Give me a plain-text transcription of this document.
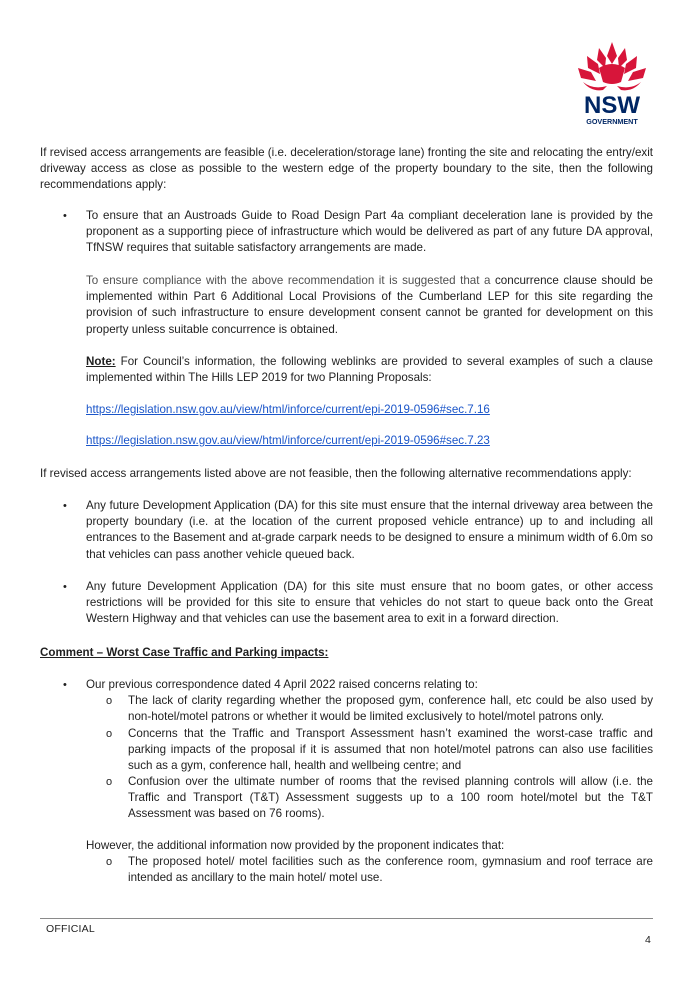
NSW
GOVERNMENT
If revised access arrangements are feasible (i.e. deceleration/storage lane) fronting the site and relocating the entry/exit driveway access as close as possible to the western edge of the property boundary to the site, then the following recommendations apply:
• To ensure that an Austroads Guide to Road Design Part 4a compliant deceleration lane is provided by the proponent as a supporting piece of infrastructure which would be delivered as part of any future DA approval, TfNSW requires that suitable satisfactory arrangements are made.
To ensure compliance with the above recommendation it is suggested that a concurrence clause should be implemented within Part 6 Additional Local Provisions of the Cumberland LEP for this site regarding the provision of such infrastructure to ensure development consent cannot be granted for development on this property unless suitable concurrence is obtained.
Note: For Council’s information, the following weblinks are provided to several examples of such a clause implemented within The Hills LEP 2019 for two Planning Proposals:
https://legislation.nsw.gov.au/view/html/inforce/current/epi-2019-0596#sec.7.16
https://legislation.nsw.gov.au/view/html/inforce/current/epi-2019-0596#sec.7.23
If revised access arrangements listed above are not feasible, then the following alternative recommendations apply:
• Any future Development Application (DA) for this site must ensure that the internal driveway area between the property boundary (i.e. at the location of the current proposed vehicle entrance) up to and including all entrances to the Basement and at-grade carpark needs to be designed to ensure a minimum width of 6.0m so that vehicles can pass another vehicle queued back.
• Any future Development Application (DA) for this site must ensure that no boom gates, or other access restrictions will be provided for this site to ensure that vehicles do not start to queue back onto the Great Western Highway and that vehicles can use the basement area to exit in a forward direction.
Comment – Worst Case Traffic and Parking impacts:
• Our previous correspondence dated 4 April 2022 raised concerns relating to:
o The lack of clarity regarding whether the proposed gym, conference hall, etc could be also used by non-hotel/motel patrons or whether it would be limited exclusively to hotel/motel patrons only.
o Concerns that the Traffic and Transport Assessment hasn’t examined the worst-case traffic and parking impacts of the proposal if it is assumed that non hotel/motel patrons can also use facilities such as a gym, conference hall, health and wellbeing centre; and
o Confusion over the ultimate number of rooms that the revised planning controls will allow (i.e. the Traffic and Transport (T&T) Assessment suggests up to a 100 room hotel/motel but the T&T Assessment was based on 76 rooms).
However, the additional information now provided by the proponent indicates that:
o The proposed hotel/ motel facilities such as the conference room, gymnasium and roof terrace are intended as ancillary to the main hotel/ motel use.
OFFICIAL
4
